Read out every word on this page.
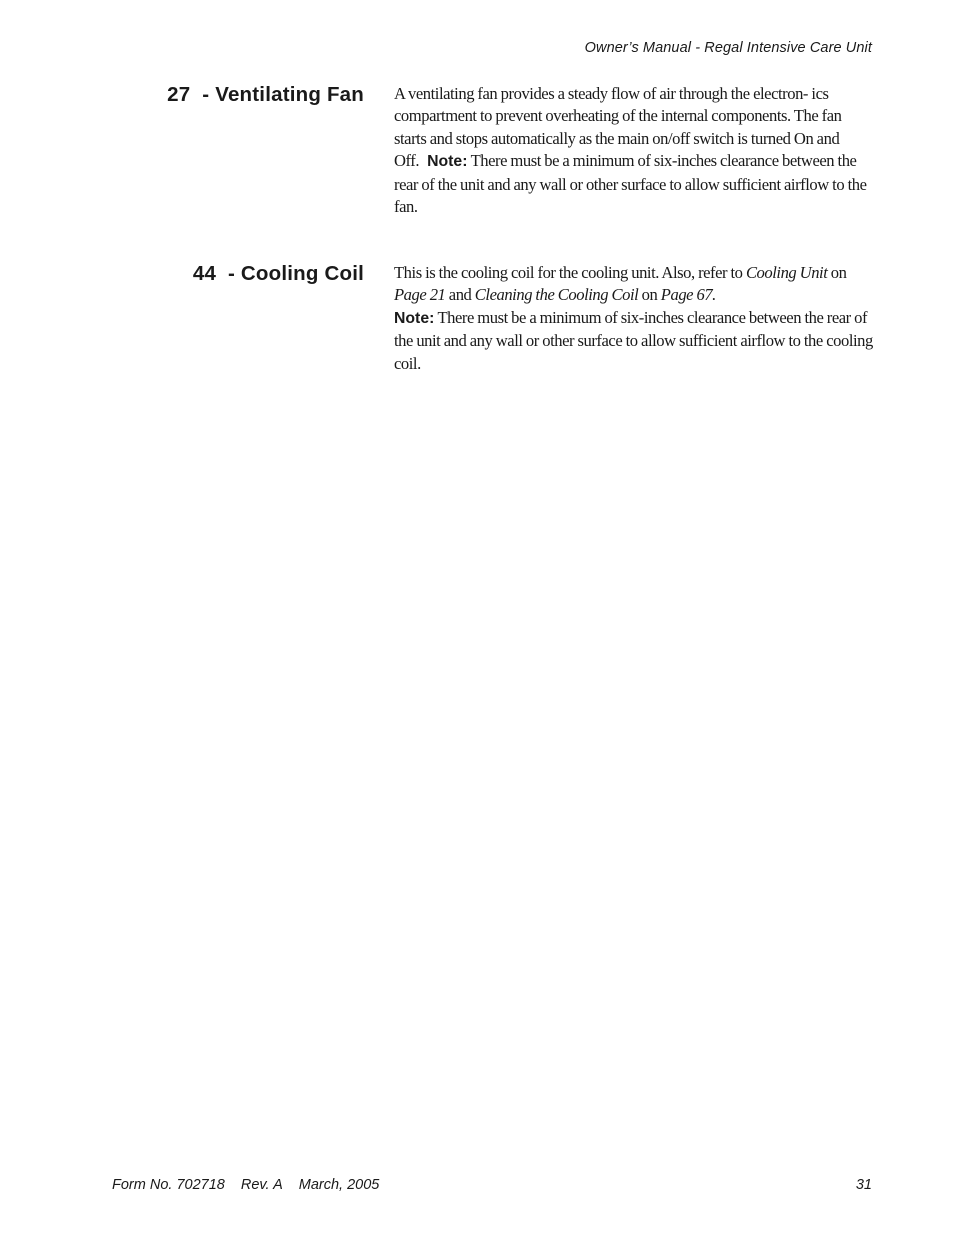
Owner’s Manual - Regal Intensive Care Unit
27 - Ventilating Fan A ventilating fan provides a steady flow of air through the electron- ics compartment to prevent overheating of the internal components. The fan starts and stops automatically as the main on/off switch is turned On and Off. Note: There must be a minimum of six-inches clearance between the rear of the unit and any wall or other surface to allow sufficient airflow to the fan.

44 - Cooling Coil This is the cooling coil for the cooling unit. Also, refer to Cooling Unit on Page 21 and Cleaning the Cooling Coil on Page 67.
Note: There must be a minimum of six-inches clearance between the rear of the unit and any wall or other surface to allow sufficient airflow to the cooling coil.

Form No. 702718 Rev. A March, 2005	31
